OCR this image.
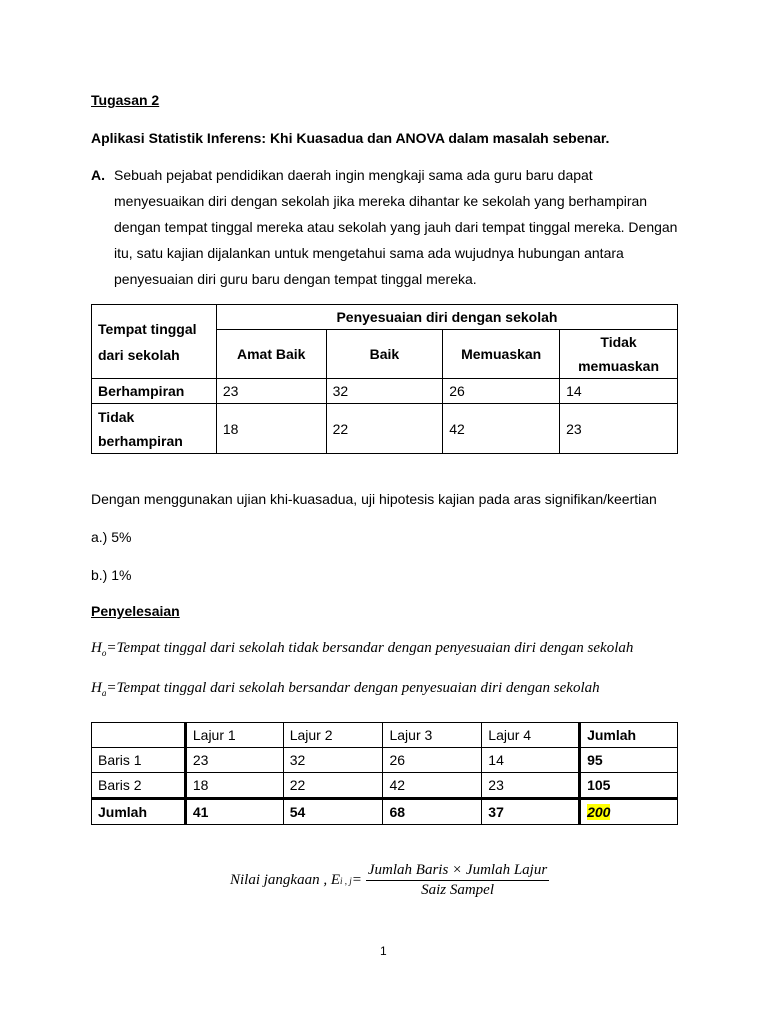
Tugasan 2
Aplikasi Statistik Inferens: Khi Kuasadua dan ANOVA dalam masalah sebenar.
A. Sebuah pejabat pendidikan daerah ingin mengkaji sama ada guru baru dapat
menyesuaikan diri dengan sekolah jika mereka dihantar ke sekolah yang berhampiran
dengan tempat tinggal mereka atau sekolah yang jauh dari tempat tinggal mereka. Dengan
itu, satu kajian dijalankan untuk mengetahui sama ada wujudnya hubungan antara
penyesuaian diri guru baru dengan tempat tinggal mereka.
Tempat tinggal
dari sekolah	Penyesuaian diri dengan sekolah			
	Amat Baik	Baik	Memuaskan	Tidak
memuaskan

Berhampiran	23	32	26	14

Tidak
berhampiran	18	22	42	23
Dengan menggunakan ujian khi-kuasadua, uji hipotesis kajian pada aras signifikan/keertian
a.) 5%
b.) 1%
Penyelesaian
$H_o=Tempat$ tinggal dari sekolah tidak bersandar dengan penyesuaian diri dengan sekolah
$H_a=Tempat$ tinggal dari sekolah bersandar dengan penyesuaian diri dengan sekolah
	Lajur 1	Lajur 2	Lajur 3	Lajur 4	Jumlah
Baris 1	23	32	26	14	95
Baris 2	18	22	42	23	105
Jumlah	41	54	68	37	200
Nilai jangkaan , E i , $j = \frac{\text{Jumlah Baris × Jumlah Lajur}}{\text{Saiz Sampel}}$
1
